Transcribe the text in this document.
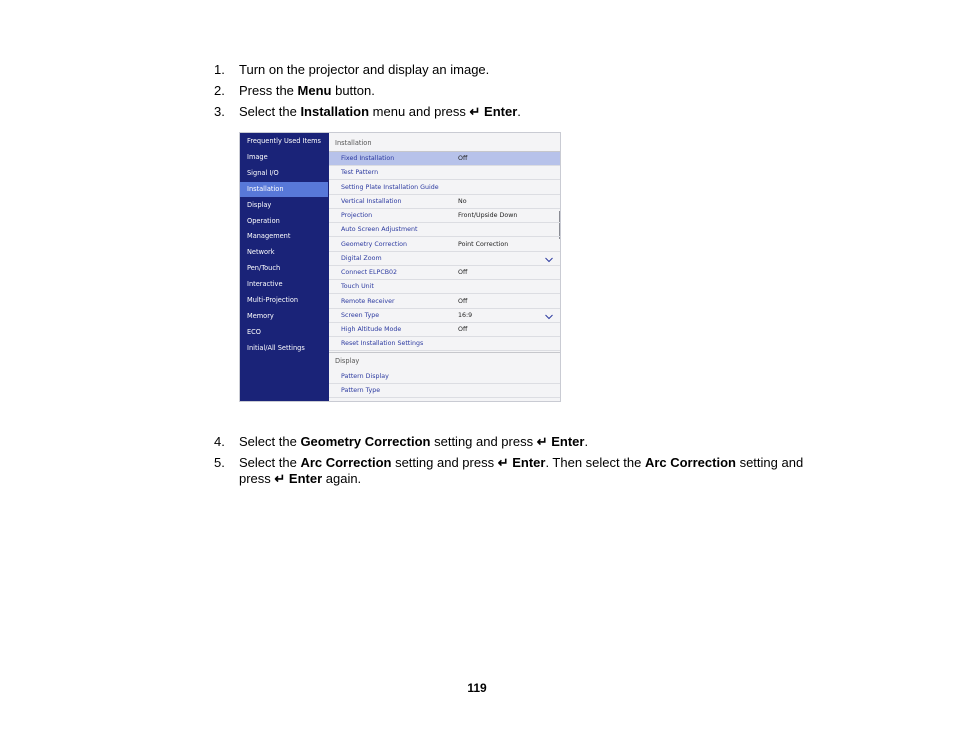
1.	Turn on the projector and display an image.
2.	Press the Menu button.
3.	Select the Installation menu and press ↵ Enter.
Frequently Used Items
Image
Signal I/O
Installation
Display
Operation
Management
Network
Pen/Touch
Interactive
Multi-Projection
Memory
ECO
Initial/All Settings
Installation
Fixed Installation	Off
Test Pattern
Setting Plate Installation Guide
Vertical Installation	No
Projection	Front/Upside Down
Auto Screen Adjustment
Geometry Correction	Point Correction
Digital Zoom
Connect ELPCB02	Off
Touch Unit
Remote Receiver	Off
Screen Type	16:9
High Altitude Mode	Off
Reset Installation Settings
Display
Pattern Display
Pattern Type
4.	Select the Geometry Correction setting and press ↵ Enter.
5.	Select the Arc Correction setting and press ↵ Enter. Then select the Arc Correction setting and
press ↵ Enter again.
119
